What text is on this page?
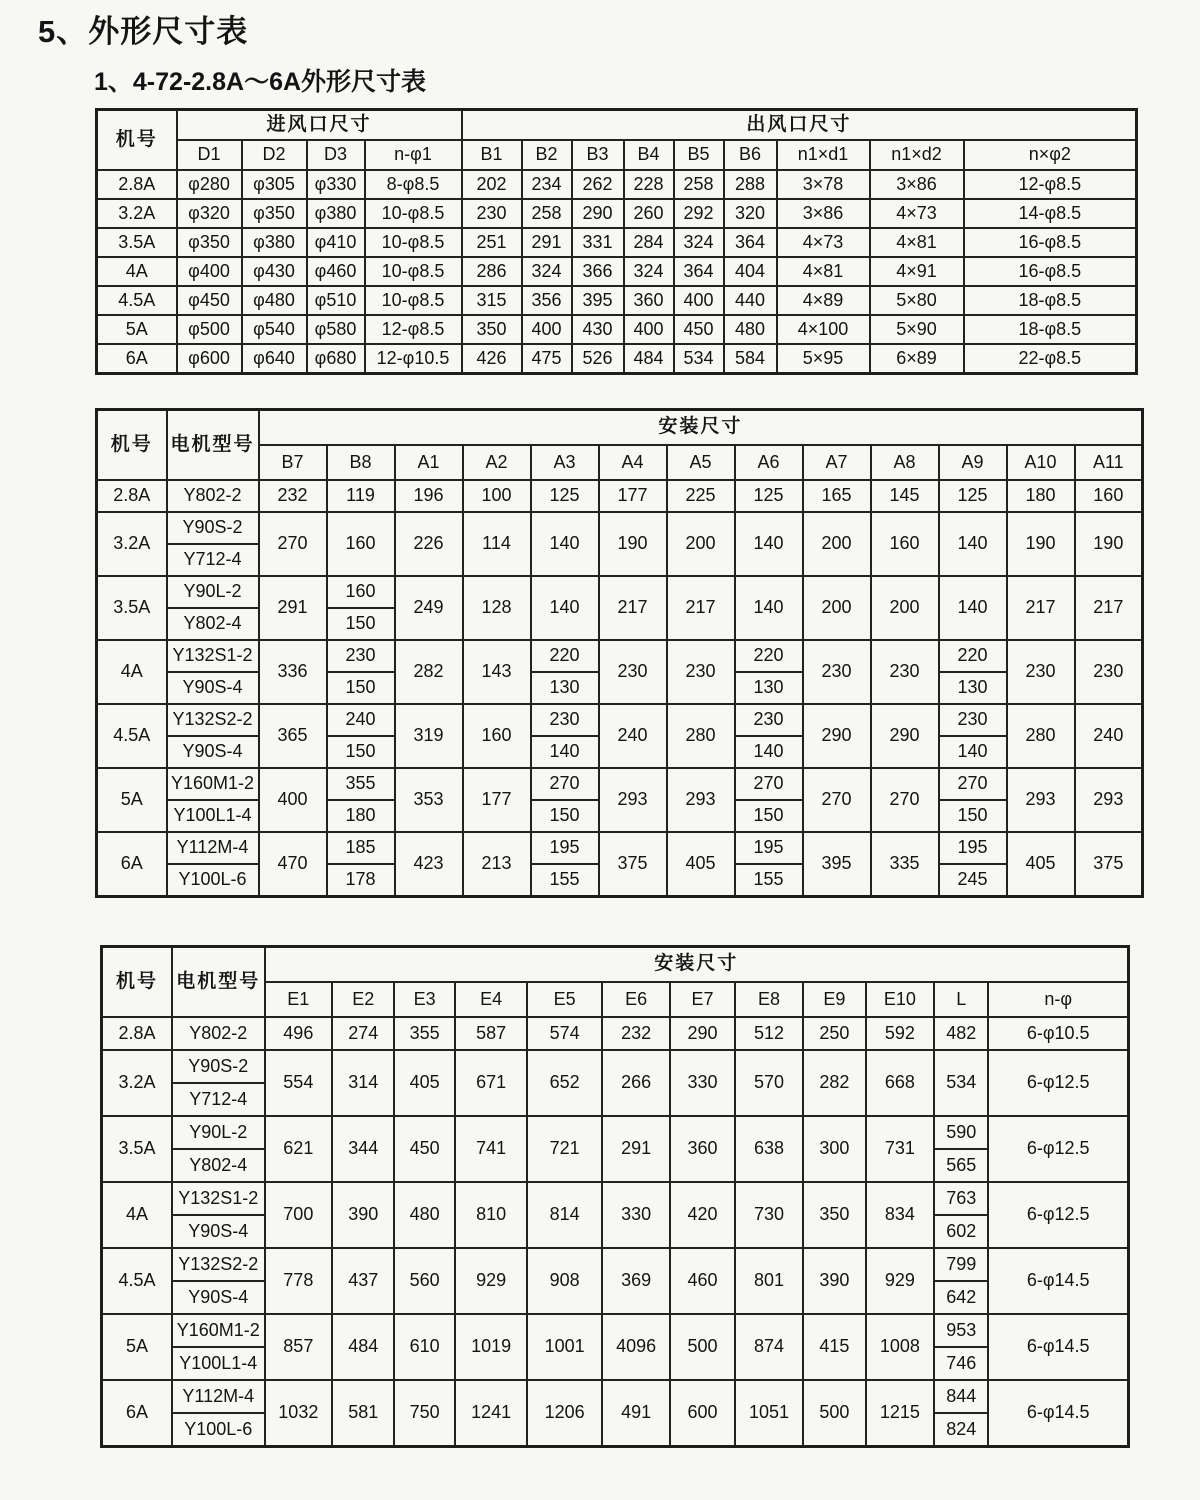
5、外形尺寸表
1、4-72-2.8A～6A外形尺寸表
机号	进风口尺寸				出风口尺寸								
	D1	D2	D3	n-φ1	B1	B2	B3	B4	B5	B6	n1×d1	n1×d2	n×φ2
2.8A	φ280	φ305	φ330	8-φ8.5	202	234	262	228	258	288	3×78	3×86	12-φ8.5
3.2A	φ320	φ350	φ380	10-φ8.5	230	258	290	260	292	320	3×86	4×73	14-φ8.5
3.5A	φ350	φ380	φ410	10-φ8.5	251	291	331	284	324	364	4×73	4×81	16-φ8.5
4A	φ400	φ430	φ460	10-φ8.5	286	324	366	324	364	404	4×81	4×91	16-φ8.5
4.5A	φ450	φ480	φ510	10-φ8.5	315	356	395	360	400	440	4×89	5×80	18-φ8.5
5A	φ500	φ540	φ580	12-φ8.5	350	400	430	400	450	480	4×100	5×90	18-φ8.5
6A	φ600	φ640	φ680	12-φ10.5	426	475	526	484	534	584	5×95	6×89	22-φ8.5
机号	电机型号	安装尺寸												
		B7	B8	A1	A2	A3	A4	A5	A6	A7	A8	A9	A10	A11
2.8A	Y802-2	232	119	196	100	125	177	225	125	165	145	125	180	160
3.2A	Y90S-2	270	160	226	114	140	190	200	140	200	160	140	190	190
	Y712-4													
3.5A	Y90L-2	291	160	249	128	140	217	217	140	200	200	140	217	217
	Y802-4		150											
4A	Y132S1-2	336	230	282	143	220	230	230	220	230	230	220	230	230
	Y90S-4		150			130			130			130		
4.5A	Y132S2-2	365	240	319	160	230	240	280	230	290	290	230	280	240
	Y90S-4		150			140			140			140		
5A	Y160M1-2	400	355	353	177	270	293	293	270	270	270	270	293	293
	Y100L1-4		180			150			150			150		
6A	Y112M-4	470	185	423	213	195	375	405	195	395	335	195	405	375
	Y100L-6		178			155			155			245		
机号	电机型号	安装尺寸											
		E1	E2	E3	E4	E5	E6	E7	E8	E9	E10	L	n-φ
2.8A	Y802-2	496	274	355	587	574	232	290	512	250	592	482	6-φ10.5
3.2A	Y90S-2	554	314	405	671	652	266	330	570	282	668	534	6-φ12.5
	Y712-4												
3.5A	Y90L-2	621	344	450	741	721	291	360	638	300	731	590	6-φ12.5
	Y802-4											565	
4A	Y132S1-2	700	390	480	810	814	330	420	730	350	834	763	6-φ12.5
	Y90S-4											602	
4.5A	Y132S2-2	778	437	560	929	908	369	460	801	390	929	799	6-φ14.5
	Y90S-4											642	
5A	Y160M1-2	857	484	610	1019	1001	4096	500	874	415	1008	953	6-φ14.5
	Y100L1-4											746	
6A	Y112M-4	1032	581	750	1241	1206	491	600	1051	500	1215	844	6-φ14.5
	Y100L-6											824	
